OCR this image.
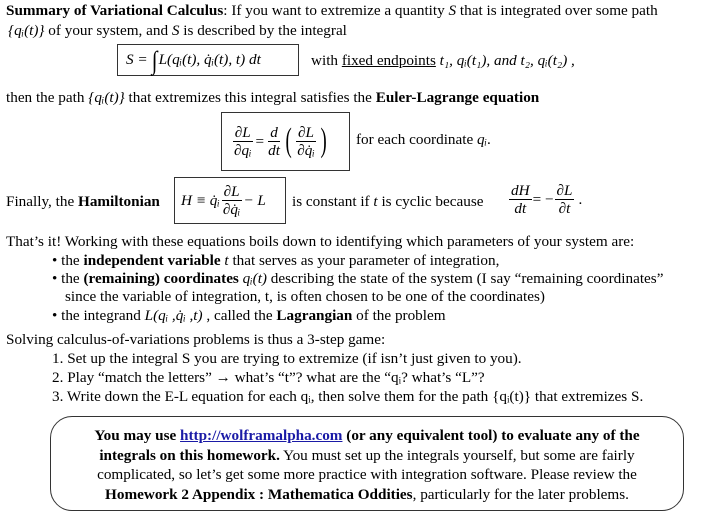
Summary of Variational Calculus: If you want to extremize a quantity S that is integrated over some path
{qᵢ(t)} of your system, and S is described by the integral
S = ∫L(qᵢ(t), q̇ᵢ(t), t) dt	with fixed endpoints t₁, qᵢ(t₁), and t₂, qᵢ(t₂) ,
then the path {qᵢ(t)} that extremizes this integral satisfies the Euler-Lagrange equation
$\frac{\partial L}{\text{∂qᵢ}} = \frac{d}{dt}$ ( $\frac{\partial L}{\text{∂q̇ᵢ}}$ ) for each coordinate qᵢ.
Finally, the Hamiltonian H ≡ q̇ᵢ $\frac{\partial L}{\text{∂q̇ᵢ}} - L$ is constant if t is cyclic because $\frac{dH}{dt}$ = − $\frac{\partial L}{\partial t}$ .
That’s it! Working with these equations boils down to identifying which parameters of your system are:
• the independent variable t that serves as your parameter of integration,
• the (remaining) coordinates qᵢ(t) describing the state of the system (I say “remaining coordinates”
since the variable of integration, t, is often chosen to be one of the coordinates)
• the integrand L(qᵢ ,q̇ᵢ ,t) , called the Lagrangian of the problem
Solving calculus-of-variations problems is thus a 3-step game:
1. Set up the integral S you are trying to extremize (if isn’t just given to you).
2. Play “match the letters” → what’s “t”? what are the “qᵢ? what’s “L”?
3. Write down the E-L equation for each qᵢ, then solve them for the path {qᵢ(t)} that extremizes S.
You may use http://wolframalpha.com (or any equivalent tool) to evaluate any of the integrals on this homework. You must set up the integrals yourself, but some are fairly complicated, so let’s get some more practice with integration software. Please review the Homework 2 Appendix : Mathematica Oddities, particularly for the later problems.
